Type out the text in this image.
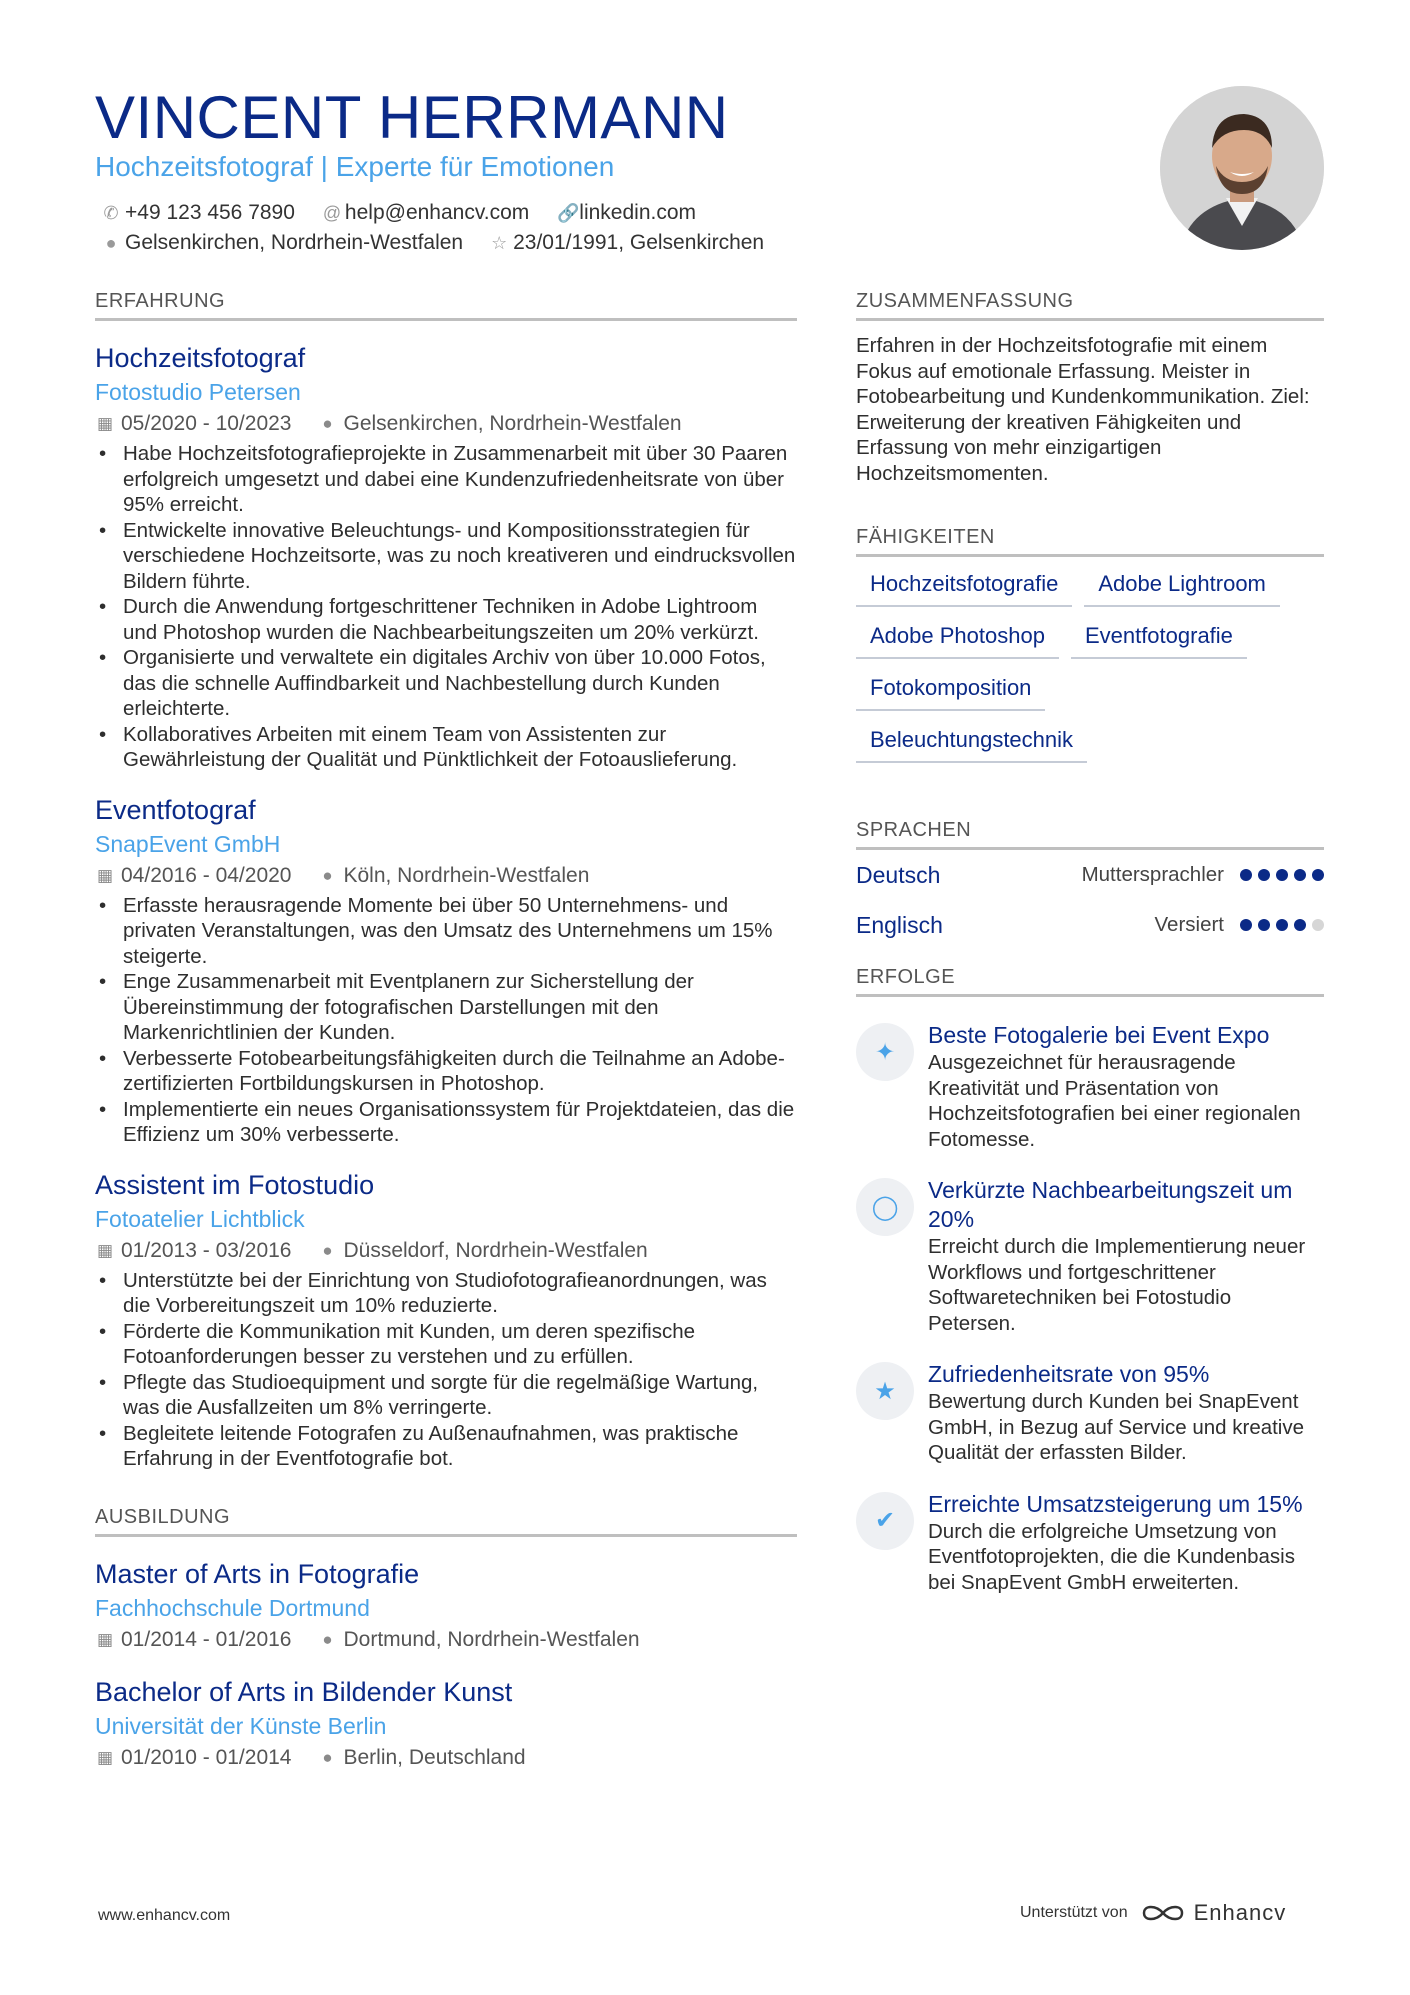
VINCENT HERRMANN
Hochzeitsfotograf | Experte für Emotionen
✆ +49 123 456 7890 @ help@enhancv.com 🔗 linkedin.com
● Gelsenkirchen, Nordrhein-Westfalen ☆ 23/01/1991, Gelsenkirchen
ERFAHRUNG
Hochzeitsfotograf
Fotostudio Petersen
▦ 05/2020 - 10/2023 ● Gelsenkirchen, Nordrhein-Westfalen
• Habe Hochzeitsfotografieprojekte in Zusammenarbeit mit über 30 Paaren erfolgreich umgesetzt und dabei eine Kundenzufriedenheitsrate von über 95% erreicht.
• Entwickelte innovative Beleuchtungs- und Kompositionsstrategien für verschiedene Hochzeitsorte, was zu noch kreativeren und eindrucksvollen Bildern führte.
• Durch die Anwendung fortgeschrittener Techniken in Adobe Lightroom und Photoshop wurden die Nachbearbeitungszeiten um 20% verkürzt.
• Organisierte und verwaltete ein digitales Archiv von über 10.000 Fotos, das die schnelle Auffindbarkeit und Nachbestellung durch Kunden erleichterte.
• Kollaboratives Arbeiten mit einem Team von Assistenten zur Gewährleistung der Qualität und Pünktlichkeit der Fotoauslieferung.
Eventfotograf
SnapEvent GmbH
▦ 04/2016 - 04/2020 ● Köln, Nordrhein-Westfalen
• Erfasste herausragende Momente bei über 50 Unternehmens- und privaten Veranstaltungen, was den Umsatz des Unternehmens um 15% steigerte.
• Enge Zusammenarbeit mit Eventplanern zur Sicherstellung der Übereinstimmung der fotografischen Darstellungen mit den Markenrichtlinien der Kunden.
• Verbesserte Fotobearbeitungsfähigkeiten durch die Teilnahme an Adobe-zertifizierten Fortbildungskursen in Photoshop.
• Implementierte ein neues Organisationssystem für Projektdateien, das die Effizienz um 30% verbesserte.
Assistent im Fotostudio
Fotoatelier Lichtblick
▦ 01/2013 - 03/2016 ● Düsseldorf, Nordrhein-Westfalen
• Unterstützte bei der Einrichtung von Studiofotografieanordnungen, was die Vorbereitungszeit um 10% reduzierte.
• Förderte die Kommunikation mit Kunden, um deren spezifische Fotoanforderungen besser zu verstehen und zu erfüllen.
• Pflegte das Studioequipment und sorgte für die regelmäßige Wartung, was die Ausfallzeiten um 8% verringerte.
• Begleitete leitende Fotografen zu Außenaufnahmen, was praktische Erfahrung in der Eventfotografie bot.
AUSBILDUNG
Master of Arts in Fotografie
Fachhochschule Dortmund
▦ 01/2014 - 01/2016 ● Dortmund, Nordrhein-Westfalen
Bachelor of Arts in Bildender Kunst
Universität der Künste Berlin
▦ 01/2010 - 01/2014 ● Berlin, Deutschland
ZUSAMMENFASSUNG

Erfahren in der Hochzeitsfotografie mit einem Fokus auf emotionale Erfassung. Meister in Fotobearbeitung und Kundenkommunikation. Ziel: Erweiterung der kreativen Fähigkeiten und Erfassung von mehr einzigartigen Hochzeitsmomenten.

FÄHIGKEITEN
Hochzeitsfotografie	Adobe Lightroom
Adobe Photoshop	Eventfotografie
Fotokomposition
Beleuchtungstechnik
SPRACHEN
Deutsch	Muttersprachler
Englisch	Versiert
ERFOLGE
✦
Beste Fotogalerie bei Event Expo
Ausgezeichnet für herausragende Kreativität und Präsentation von Hochzeitsfotografien bei einer regionalen Fotomesse.
◯
Verkürzte Nachbearbeitungszeit um 20%
Erreicht durch die Implementierung neuer Workflows und fortgeschrittener Softwaretechniken bei Fotostudio Petersen.
★
Zufriedenheitsrate von 95%
Bewertung durch Kunden bei SnapEvent GmbH, in Bezug auf Service und kreative Qualität der erfassten Bilder.
✔
Erreichte Umsatzsteigerung um 15%
Durch die erfolgreiche Umsetzung von Eventfotoprojekten, die die Kundenbasis bei SnapEvent GmbH erweiterten.
www.enhancv.com	Unterstützt von	Enhancv
